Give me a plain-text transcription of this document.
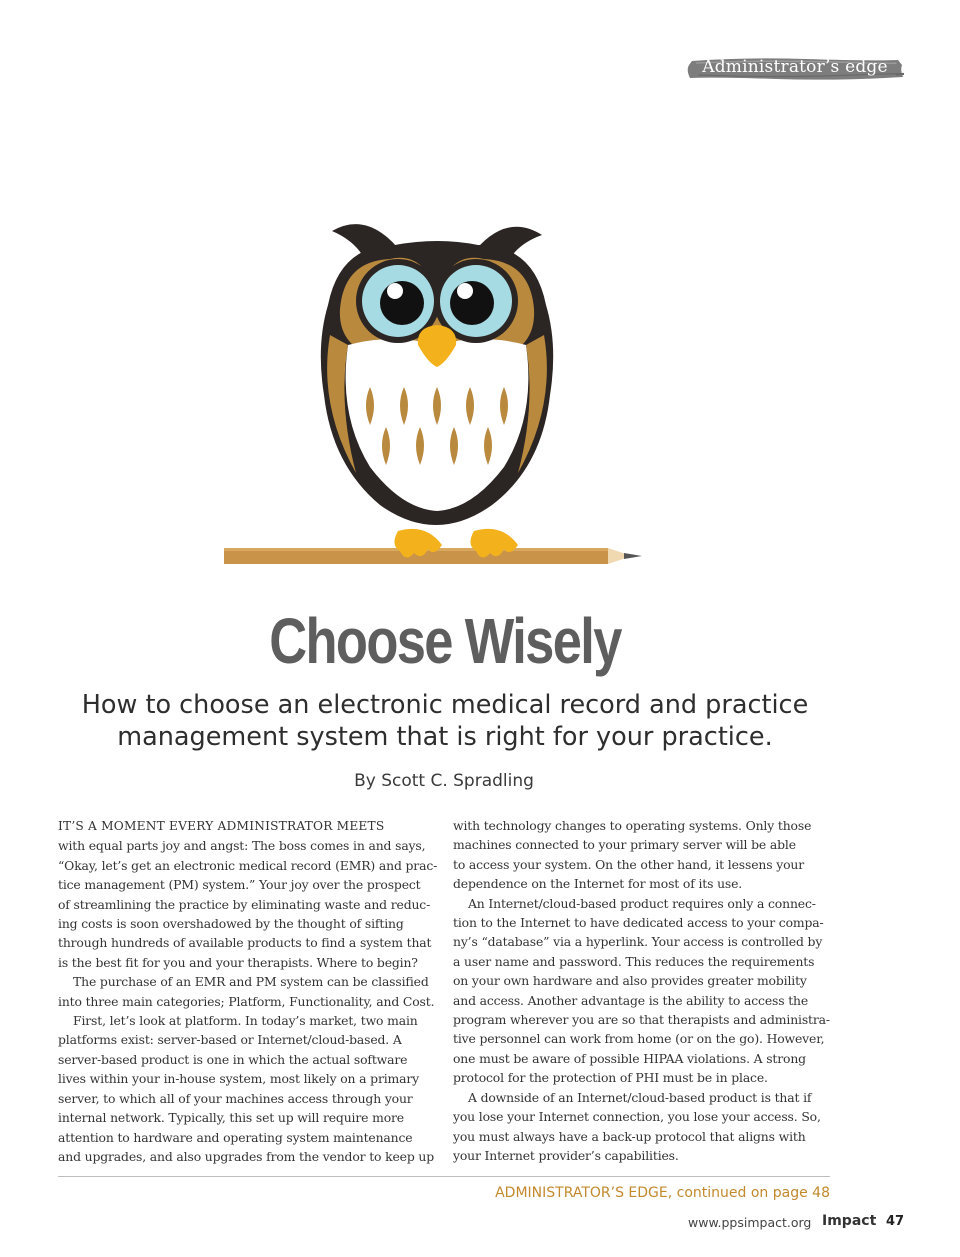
Administrator’s edge
Choose Wisely
How to choose an electronic medical record and practice
management system that is right for your practice.
By Scott C. Spradling

IT’S A MOMENT EVERY ADMINISTRATOR MEETS

with equal parts joy and angst: The boss comes in and says,
“Okay, let’s get an electronic medical record (EMR) and prac-
tice management (PM) system.” Your joy over the prospect
of streamlining the practice by eliminating waste and reduc-
ing costs is soon overshadowed by the thought of sifting
through hundreds of available products to find a system that
is the best fit for you and your therapists. Where to begin?
The purchase of an EMR and PM system can be classified
into three main categories; Platform, Functionality, and Cost.
First, let’s look at platform. In today’s market, two main
platforms exist: server-based or Internet/cloud-based. A
server-based product is one in which the actual software
lives within your in-house system, most likely on a primary
server, to which all of your machines access through your
internal network. Typically, this set up will require more
attention to hardware and operating system maintenance
and upgrades, and also upgrades from the vendor to keep up
with technology changes to operating systems. Only those
machines connected to your primary server will be able
to access your system. On the other hand, it lessens your
dependence on the Internet for most of its use.
An Internet/cloud-based product requires only a connec-
tion to the Internet to have dedicated access to your compa-
ny’s “database” via a hyperlink. Your access is controlled by
a user name and password. This reduces the requirements
on your own hardware and also provides greater mobility
and access. Another advantage is the ability to access the
program wherever you are so that therapists and administra-
tive personnel can work from home (or on the go). However,
one must be aware of possible HIPAA violations. A strong
protocol for the protection of PHI must be in place.
A downside of an Internet/cloud-based product is that if
you lose your Internet connection, you lose your access. So,
you must always have a back-up protocol that aligns with
your Internet provider’s capabilities.
ADMINISTRATOR’S EDGE, continued on page 48
www.ppsimpact.org Impact 47
